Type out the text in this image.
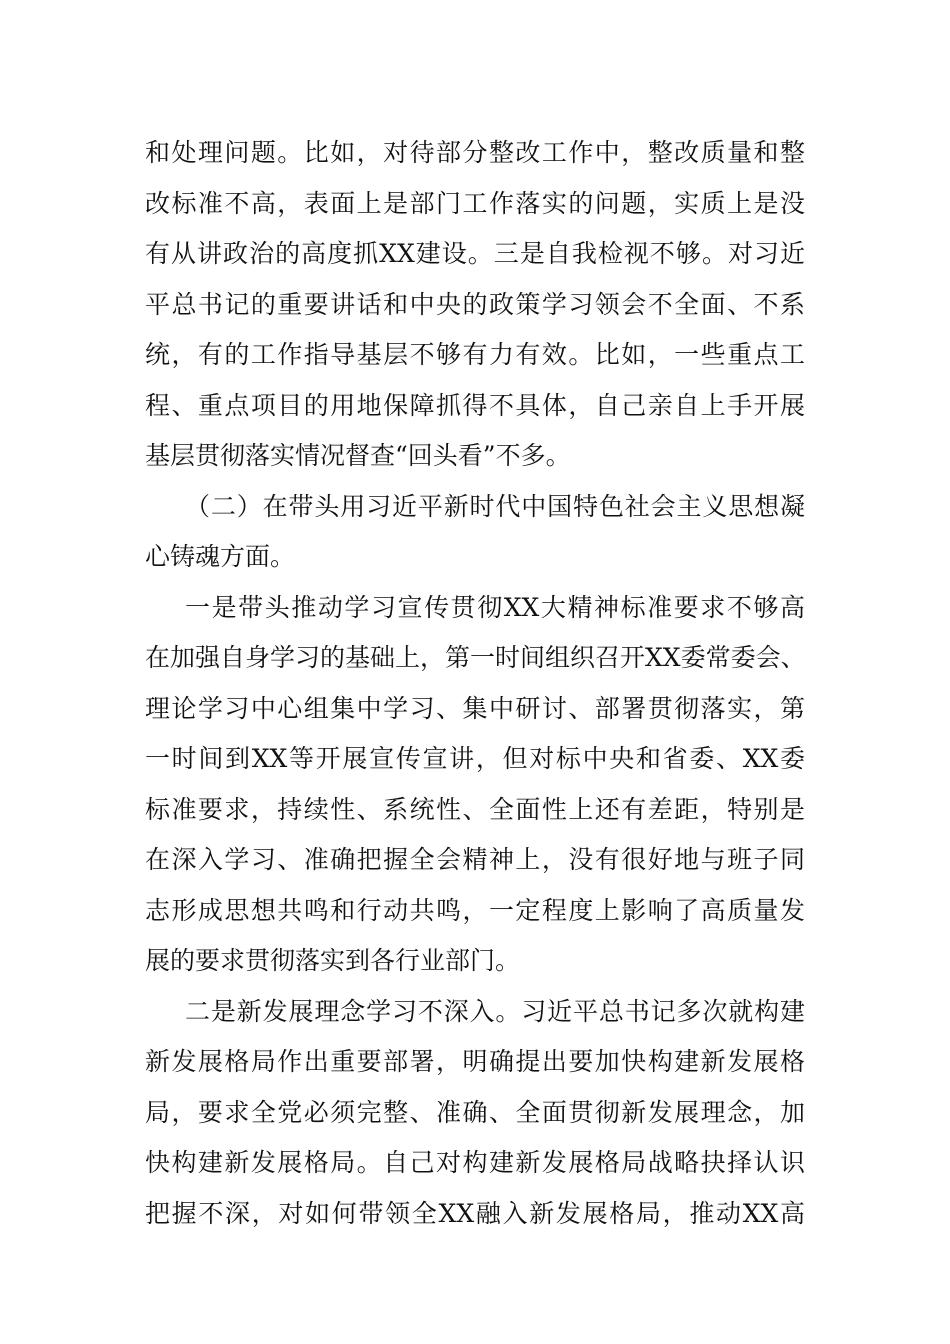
和处理问题。比如，对待部分整改工作中，整改质量和整
改标准不高，表面上是部门工作落实的问题，实质上是没
有从讲政治的高度抓XX建设。三是自我检视不够。对习近
平总书记的重要讲话和中央的政策学习领会不全面、不系
统，有的工作指导基层不够有力有效。比如，一些重点工
程、重点项目的用地保障抓得不具体，自己亲自上手开展
基层贯彻落实情况督查“回头看”不多。
（二）在带头用习近平新时代中国特色社会主义思想凝
心铸魂方面。
一是带头推动学习宣传贯彻XX大精神标准要求不够高
在加强自身学习的基础上，第一时间组织召开XX委常委会、
理论学习中心组集中学习、集中研讨、部署贯彻落实，第
一时间到XX等开展宣传宣讲，但对标中央和省委、XX委
标准要求，持续性、系统性、全面性上还有差距，特别是
在深入学习、准确把握全会精神上，没有很好地与班子同
志形成思想共鸣和行动共鸣，一定程度上影响了高质量发
展的要求贯彻落实到各行业部门。
二是新发展理念学习不深入。习近平总书记多次就构建
新发展格局作出重要部署，明确提出要加快构建新发展格
局，要求全党必须完整、准确、全面贯彻新发展理念，加
快构建新发展格局。自己对构建新发展格局战略抉择认识
把握不深，对如何带领全XX融入新发展格局，推动XX高
